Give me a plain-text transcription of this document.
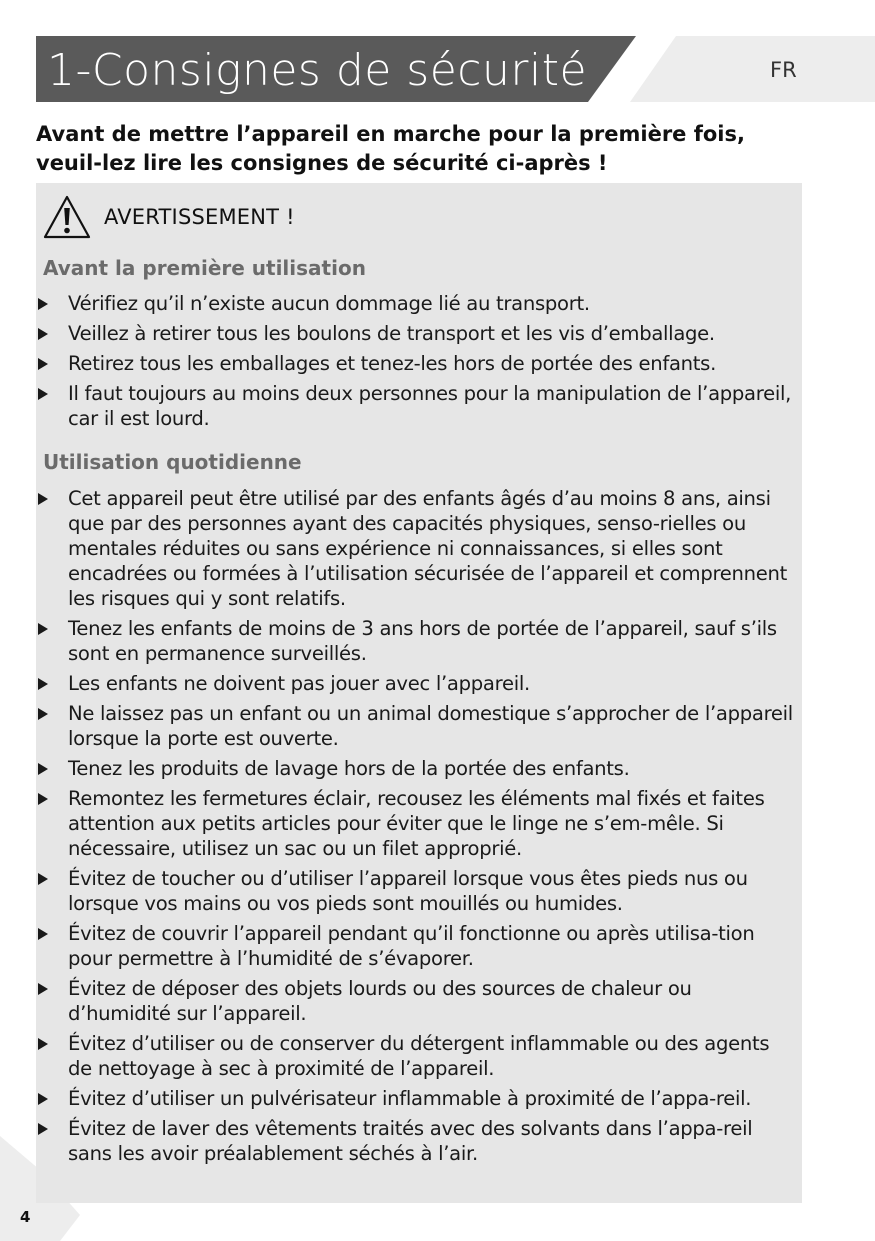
1-Consignes de sécurité	FR
Avant de mettre l’appareil en marche pour la première fois, veuil-lez lire les consignes de sécurité ci-après !
AVERTISSEMENT !
Avant la première utilisation
Vérifiez qu’il n’existe aucun dommage lié au transport.
Veillez à retirer tous les boulons de transport et les vis d’emballage.
Retirez tous les emballages et tenez-les hors de portée des enfants.
Il faut toujours au moins deux personnes pour la manipulation de l’appareil, car il est lourd.
Utilisation quotidienne
Cet appareil peut être utilisé par des enfants âgés d’au moins 8 ans, ainsi que par des personnes ayant des capacités physiques, senso-rielles ou mentales réduites ou sans expérience ni connaissances, si elles sont encadrées ou formées à l’utilisation sécurisée de l’appareil et comprennent les risques qui y sont relatifs.
Tenez les enfants de moins de 3 ans hors de portée de l’appareil, sauf s’ils sont en permanence surveillés.
Les enfants ne doivent pas jouer avec l’appareil.
Ne laissez pas un enfant ou un animal domestique s’approcher de l’appareil lorsque la porte est ouverte.
Tenez les produits de lavage hors de la portée des enfants.
Remontez les fermetures éclair, recousez les éléments mal fixés et faites attention aux petits articles pour éviter que le linge ne s’em-mêle. Si nécessaire, utilisez un sac ou un filet approprié.
Évitez de toucher ou d’utiliser l’appareil lorsque vous êtes pieds nus ou lorsque vos mains ou vos pieds sont mouillés ou humides.
Évitez de couvrir l’appareil pendant qu’il fonctionne ou après utilisa-tion pour permettre à l’humidité de s’évaporer.
Évitez de déposer des objets lourds ou des sources de chaleur ou d’humidité sur l’appareil.
Évitez d’utiliser ou de conserver du détergent inflammable ou des agents de nettoyage à sec à proximité de l’appareil.
Évitez d’utiliser un pulvérisateur inflammable à proximité de l’appa-reil.
Évitez de laver des vêtements traités avec des solvants dans l’appa-reil sans les avoir préalablement séchés à l’air.
4
